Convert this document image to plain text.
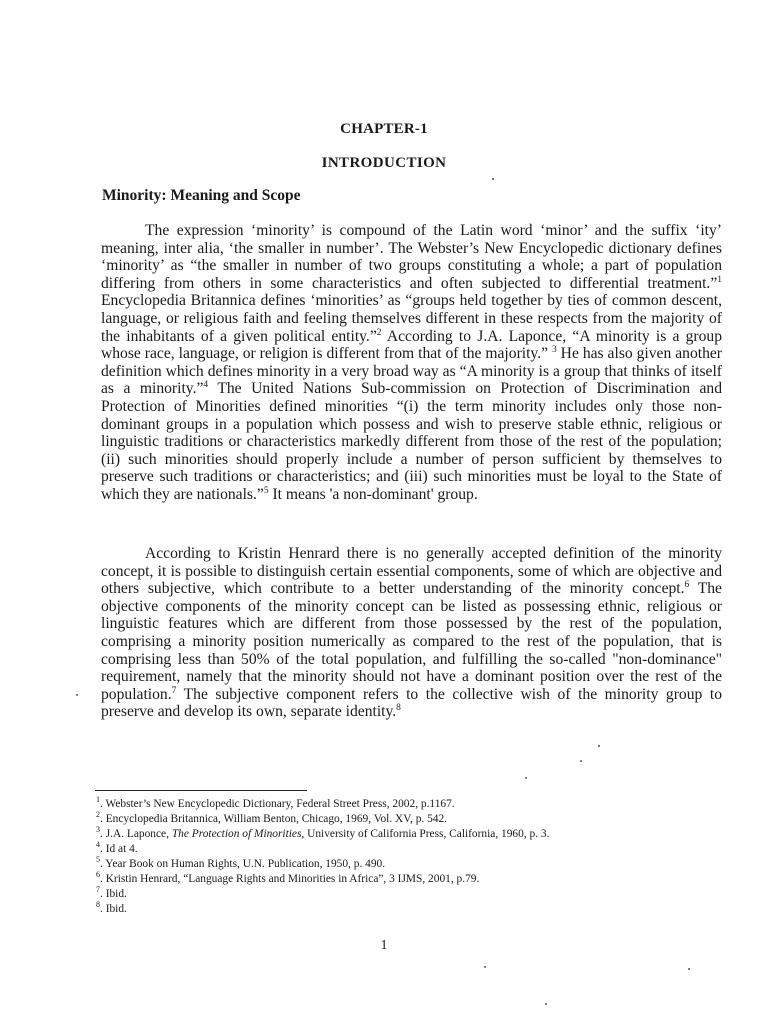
CHAPTER-1
INTRODUCTION
Minority: Meaning and Scope

The expression ‘minority’ is compound of the Latin word ‘minor’ and the suffix ‘ity’ meaning, inter alia, ‘the smaller in number’. The Webster’s New Encyclopedic dictionary defines ‘minority’ as “the smaller in number of two groups constituting a whole; a part of population differing from others in some characteristics and often subjected to differential treatment.”$^1$ Encyclopedia Britannica defines ‘minorities’ as “groups held together by ties of common descent, language, or religious faith and feeling themselves different in these respects from the majority of the inhabitants of a given political entity.”$^2$ According to J.A. Laponce, “A minority is a group whose race, language, or religion is different from that of the majority.” $^3$ He has also given another definition which defines minority in a very broad way as “A minority is a group that thinks of itself as a minority.”$^4$ The United Nations Sub-commission on Protection of Discrimination and Protection of Minorities defined minorities “(i) the term minority includes only those non-dominant groups in a population which possess and wish to preserve stable ethnic, religious or linguistic traditions or characteristics markedly different from those of the rest of the population; (ii) such minorities should properly include a number of person sufficient by themselves to preserve such traditions or characteristics; and (iii) such minorities must be loyal to the State of which they are nationals.”$^5$ It means 'a non-dominant' group.

According to Kristin Henrard there is no generally accepted definition of the minority concept, it is possible to distinguish certain essential components, some of which are objective and others subjective, which contribute to a better understanding of the minority concept.$^6$ The objective components of the minority concept can be listed as possessing ethnic, religious or linguistic features which are different from those possessed by the rest of the population, comprising a minority position numerically as compared to the rest of the population, that is comprising less than 50% of the total population, and fulfilling the so-called "non-dominance" requirement, namely that the minority should not have a dominant position over the rest of the population.$^7$ The subjective component refers to the collective wish of the minority group to preserve and develop its own, separate identity.$^8$

$^1$. Webster’s New Encyclopedic Dictionary, Federal Street Press, 2002, p.1167.
$^2$. Encyclopedia Britannica, William Benton, Chicago, 1969, Vol. XV, p. 542.
$^3$. J.A. Laponce, The Protection of Minorities, University of California Press, California, 1960, p. 3.
$^4$. Id at 4.
$^5$. Year Book on Human Rights, U.N. Publication, 1950, p. 490.
$^6$. Kristin Henrard, “Language Rights and Minorities in Africa”, 3 IJMS, 2001, p.79.
$^7$. Ibid.
$^8$. Ibid.
1
